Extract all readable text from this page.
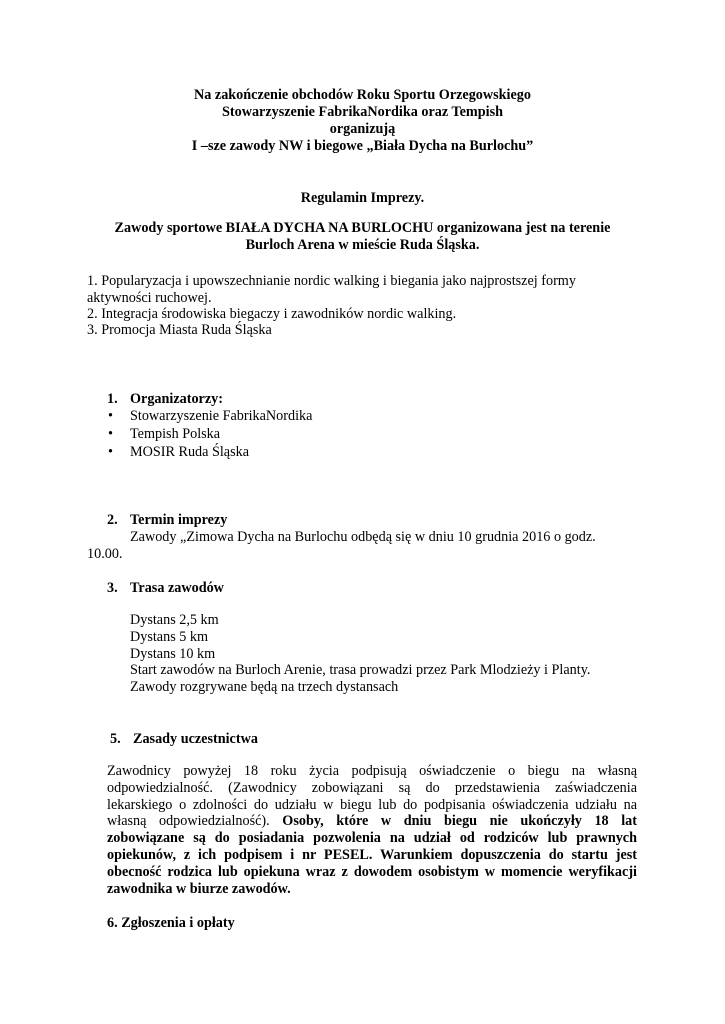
Na zakończenie obchodów Roku Sportu Orzegowskiego
Stowarzyszenie FabrikaNordika oraz Tempish
organizują
I –sze zawody NW i biegowe „Biała Dycha na Burlochu”
Regulamin Imprezy.
Zawody sportowe BIAŁA DYCHA NA BURLOCHU organizowana jest na terenie
Burloch Arena w mieście Ruda Śląska.
1. Popularyzacja i upowszechnianie nordic walking i biegania jako najprostszej formy
aktywności ruchowej.
2. Integracja środowiska biegaczy i zawodników nordic walking.
3. Promocja Miasta Ruda Śląska
1. Organizatorzy:
• Stowarzyszenie FabrikaNordika
• Tempish Polska
• MOSIR Ruda Śląska
2. Termin imprezy
Zawody „Zimowa Dycha na Burlochu odbędą się w dniu 10 grudnia 2016 o godz.
10.00.
3. Trasa zawodów
Dystans 2,5 km
Dystans 5 km
Dystans 10 km
Start zawodów na Burloch Arenie, trasa prowadzi przez Park Mlodzieży i Planty.
Zawody rozgrywane będą na trzech dystansach
5. Zasady uczestnictwa
Zawodnicy powyżej 18 roku życia podpisują oświadczenie o biegu na własną
odpowiedzialność. (Zawodnicy zobowiązani są do przedstawienia zaświadczenia
lekarskiego o zdolności do udziału w biegu lub do podpisania oświadczenia udziału na
własną odpowiedzialność). Osoby, które w dniu biegu nie ukończyły 18 lat
zobowiązane są do posiadania pozwolenia na udział od rodziców lub prawnych
opiekunów, z ich podpisem i nr PESEL. Warunkiem dopuszczenia do startu jest
obecność rodzica lub opiekuna wraz z dowodem osobistym w momencie weryfikacji
zawodnika w biurze zawodów.
6. Zgłoszenia i opłaty
